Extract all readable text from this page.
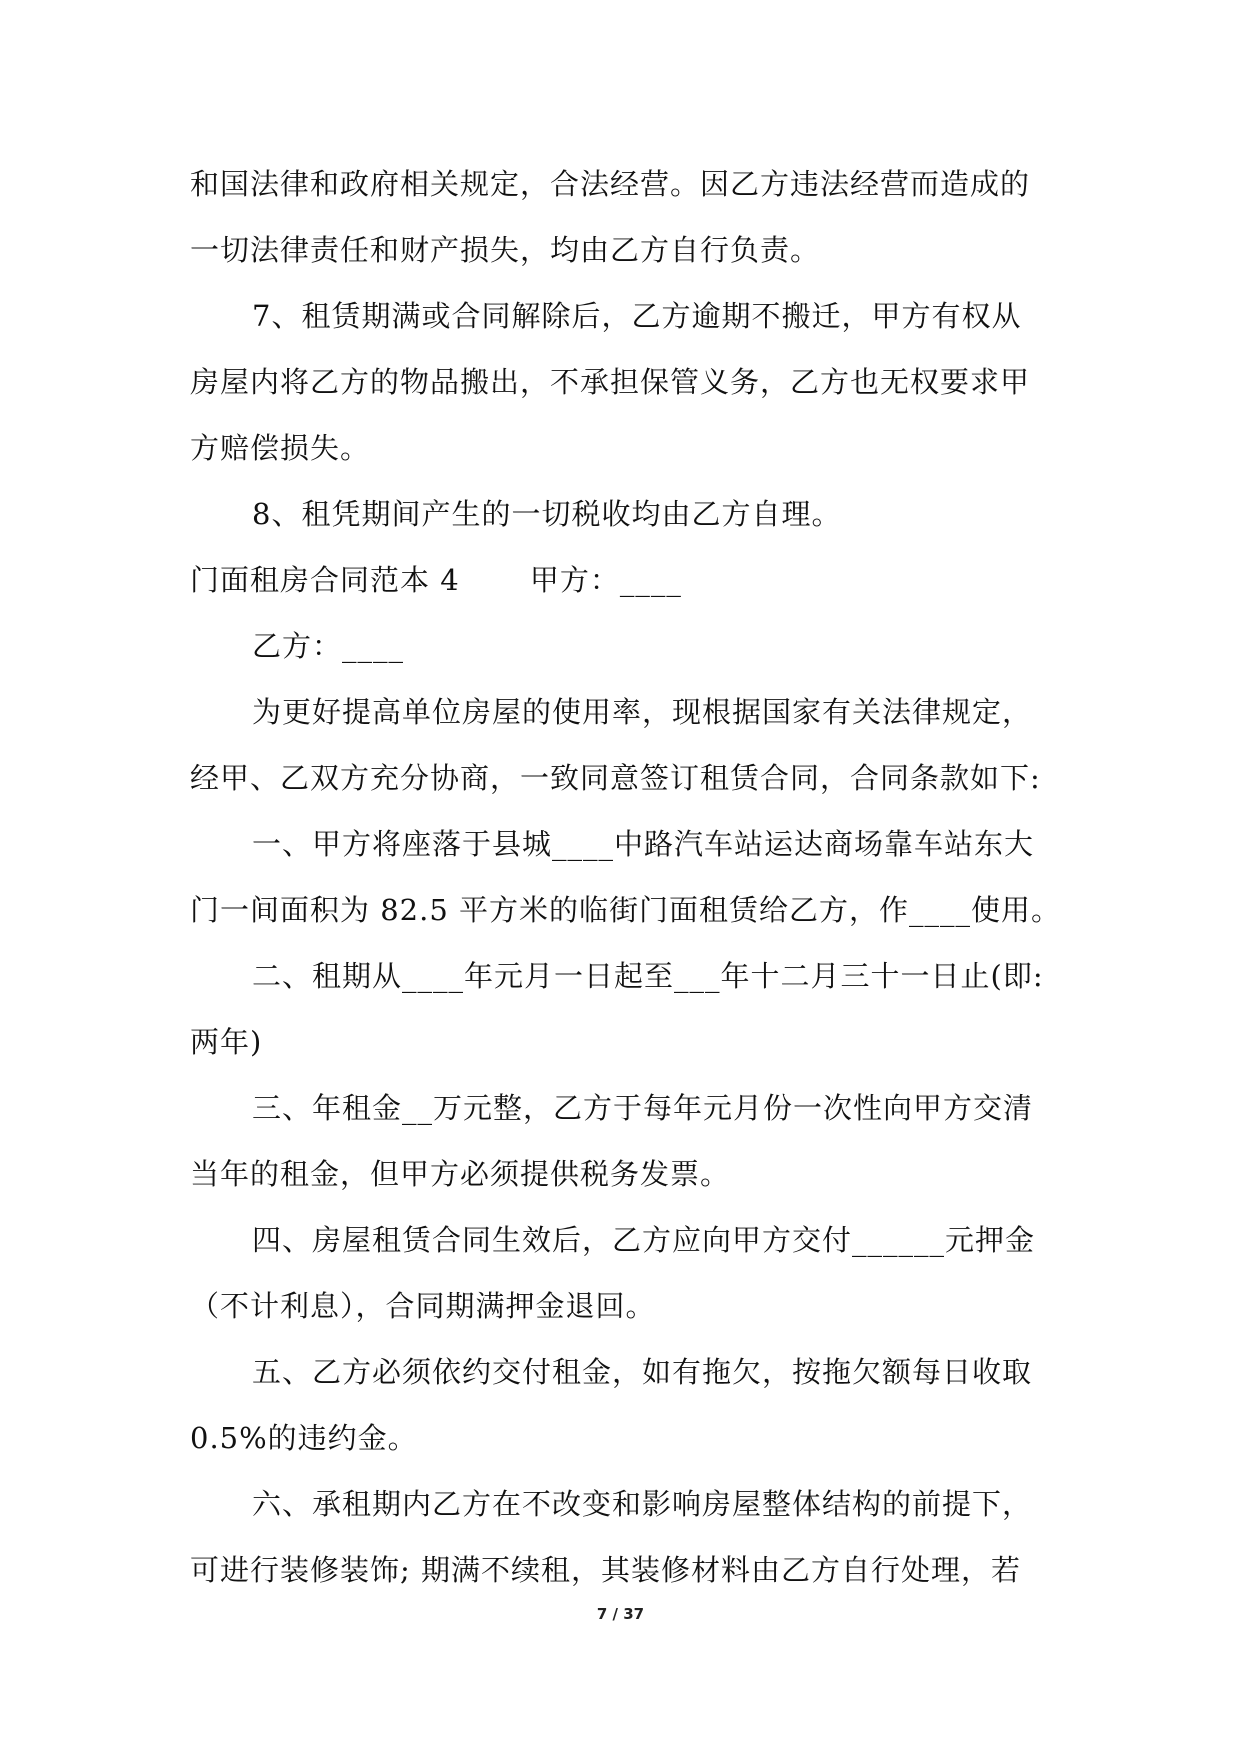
和国法律和政府相关规定，合法经营。因乙方违法经营而造成的
一切法律责任和财产损失，均由乙方自行负责。
7、租赁期满或合同解除后，乙方逾期不搬迁，甲方有权从
房屋内将乙方的物品搬出，不承担保管义务，乙方也无权要求甲
方赔偿损失。
8、租凭期间产生的一切税收均由乙方自理。
门面租房合同范本 4　　 甲方：____
乙方：____
为更好提高单位房屋的使用率，现根据国家有关法律规定，
经甲、乙双方充分协商，一致同意签订租赁合同，合同条款如下:
一、甲方将座落于县城____中路汽车站运达商场靠车站东大
门一间面积为 82.5 平方米的临街门面租赁给乙方，作____使用。
二、租期从____年元月一日起至___年十二月三十一日止(即:
两年)
三、年租金__万元整，乙方于每年元月份一次性向甲方交清
当年的租金，但甲方必须提供税务发票。
四、房屋租赁合同生效后，乙方应向甲方交付______元押金
（不计利息），合同期满押金退回。
五、乙方必须依约交付租金，如有拖欠，按拖欠额每日收取
0.5%的违约金。
六、承租期内乙方在不改变和影响房屋整体结构的前提下，
可进行装修装饰; 期满不续租，其装修材料由乙方自行处理，若
7 / 37
